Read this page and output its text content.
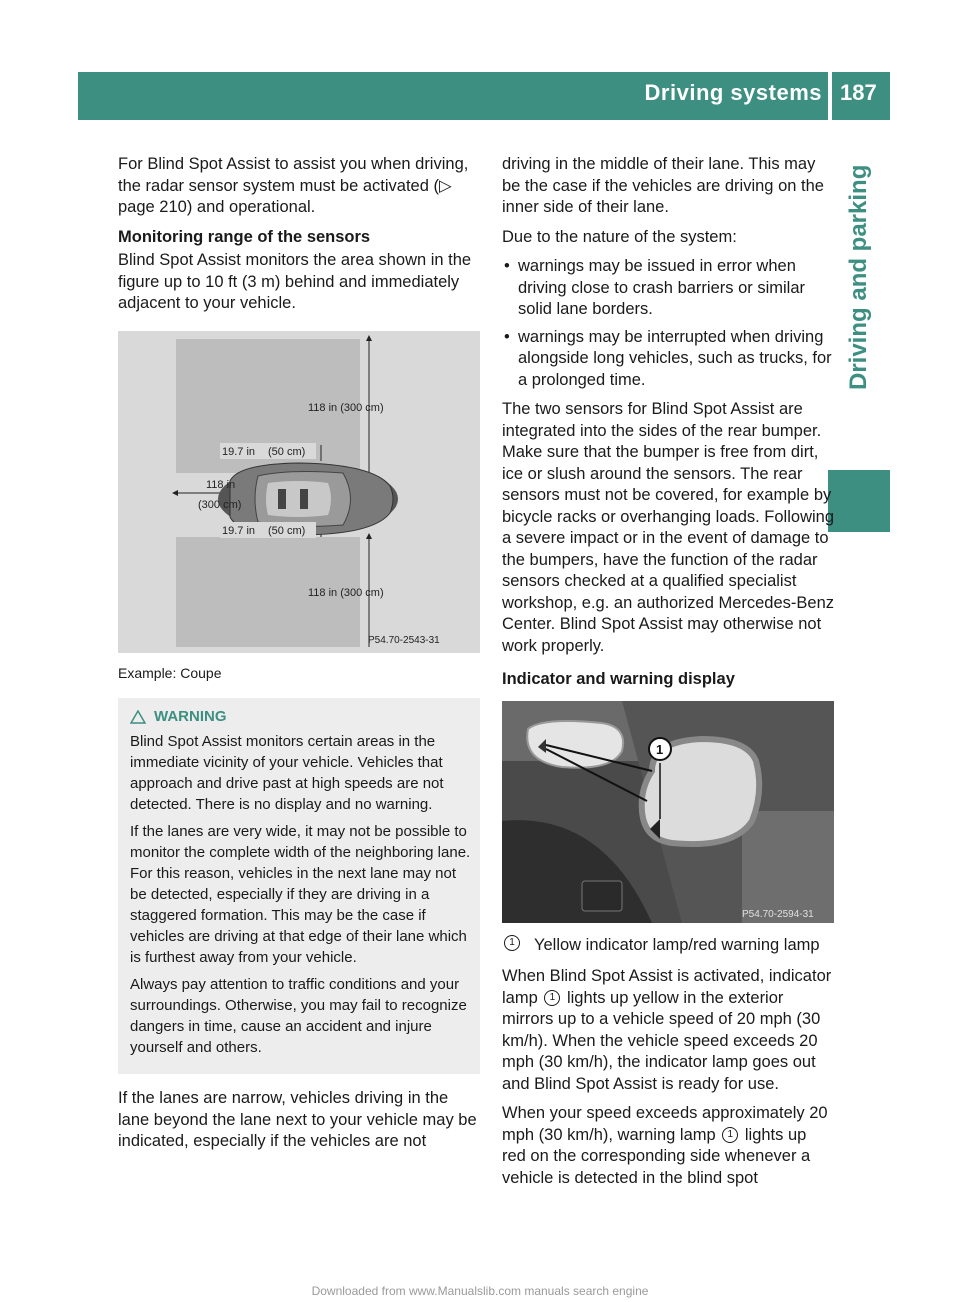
Driving systems 187
Driving and parking

For Blind Spot Assist to assist you when driving, the radar sensor system must be activated (▷ page 210) and operational.

Monitoring range of the sensors

Blind Spot Assist monitors the area shown in the figure up to 10 ft (3 m) behind and immediately adjacent to your vehicle.

118 in (300 cm)
19.7 in (50 cm)
118 in
(300 cm)
19.7 in (50 cm)
118 in (300 cm)
P54.70-2543-31
Example: Coupe
WARNING

Blind Spot Assist monitors certain areas in the immediate vicinity of your vehicle. Vehicles that approach and drive past at high speeds are not detected. There is no display and no warning.

If the lanes are very wide, it may not be possible to monitor the complete width of the neighboring lane. For this reason, vehicles in the next lane may not be detected, especially if they are driving in a staggered formation. This may be the case if vehicles are driving at that edge of their lane which is furthest away from your vehicle.

Always pay attention to traffic conditions and your surroundings. Otherwise, you may fail to recognize dangers in time, cause an accident and injure yourself and others.

If the lanes are narrow, vehicles driving in the lane beyond the lane next to your vehicle may be indicated, especially if the vehicles are not

driving in the middle of their lane. This may be the case if the vehicles are driving on the inner side of their lane.

Due to the nature of the system:

• warnings may be issued in error when driving close to crash barriers or similar solid lane borders.
• warnings may be interrupted when driving alongside long vehicles, such as trucks, for a prolonged time.

The two sensors for Blind Spot Assist are integrated into the sides of the rear bumper. Make sure that the bumper is free from dirt, ice or slush around the sensors. The rear sensors must not be covered, for example by bicycle racks or overhanging loads. Following a severe impact or in the event of damage to the bumpers, have the function of the radar sensors checked at a qualified specialist workshop, e.g. an authorized Mercedes-Benz Center. Blind Spot Assist may otherwise not work properly.

Indicator and warning display

1
P54.70-2594-31
1	Yellow indicator lamp/red warning lamp

When Blind Spot Assist is activated, indicator lamp 1 lights up yellow in the exterior mirrors up to a vehicle speed of 20 mph (30 km/h). When the vehicle speed exceeds 20 mph (30 km/h), the indicator lamp goes out and Blind Spot Assist is ready for use.

When your speed exceeds approximately 20 mph (30 km/h), warning lamp 1 lights up red on the corresponding side whenever a vehicle is detected in the blind spot

Downloaded from www.Manualslib.com manuals search engine
